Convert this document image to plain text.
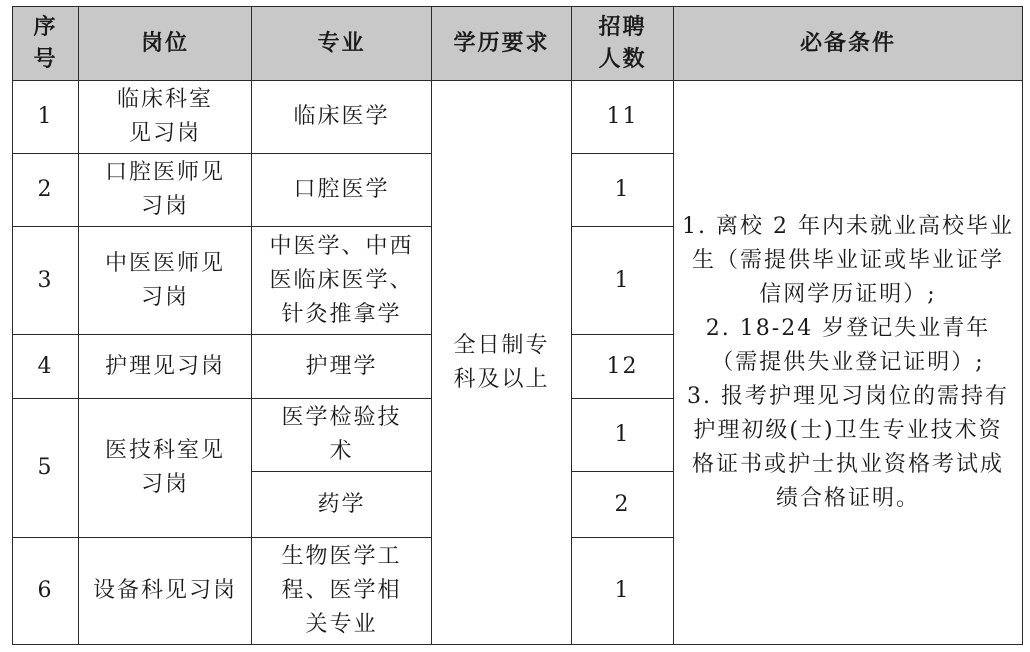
序号	岗位	专业	学历要求	招聘人数	必备条件
1	临床科室见习岗	临床医学	全日制专科及以上	11	1. 离校 2 年内未就业高校毕业生（需提供毕业证或毕业证学信网学历证明）;
2. 18-24 岁登记失业青年（需提供失业登记证明）;
3. 报考护理见习岗位的需持有护理初级(士)卫生专业技术资格证书或护士执业资格考试成绩合格证明。

2	口腔医师见习岗	口腔医学		1	
3	中医医师见习岗	中医学、中西医临床医学、针灸推拿学		1	
4	护理见习岗	护理学		12	
5	医技科室见习岗	医学检验技术		1	
		药学		2	
6	设备科见习岗	生物医学工程、医学相关专业		1	
